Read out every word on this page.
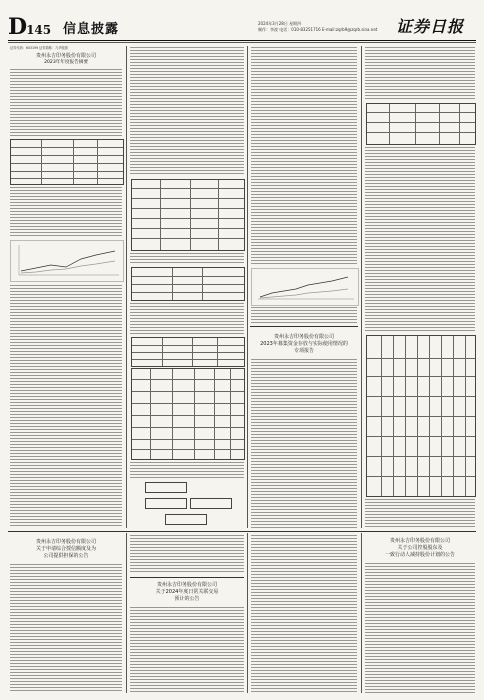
D145 信息披露	2024年3月28日 星期四
制作：李波 电话：010-83251716 E-mail:zqrb9@zqrb.sina.net 证券日报
证券代码：603199 证券简称：九华旅游
贵州永吉印务股份有限公司
2023年年度报告摘要

贵州永吉印务股份有限公司
2023年募集资金存放与实际使用情况的
专项报告

贵州永吉印务股份有限公司
关于申请综合授信额度及为
公司提供担保的公告
贵州永吉印务股份有限公司
关于2024年度日常关联交易
预计的公告
贵州永吉印务股份有限公司
关于公司控股股东及
一致行动人减持股份计划的公告
